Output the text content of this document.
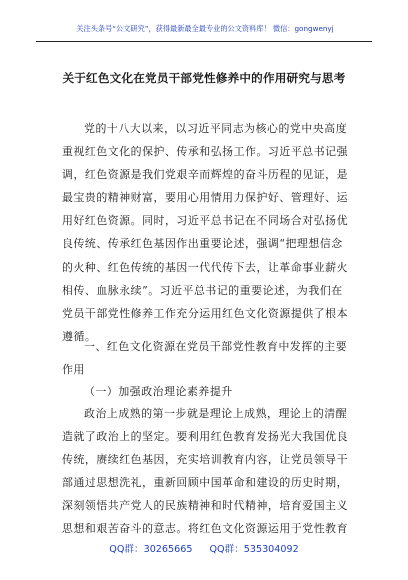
关注头条号“公文研究”，获得最新最全最专业的公文资料库！ 微信：gongwenyj
关于红色文化在党员干部党性修养中的作用研究与思考

党的十八大以来，以习近平同志为核心的党中央高度重视红色文化的保护、传承和弘扬工作。习近平总书记强调，红色资源是我们党艰辛而辉煌的奋斗历程的见证，是最宝贵的精神财富，要用心用情用力保护好、管理好、运用好红色资源。同时，习近平总书记在不同场合对弘扬优良传统、传承红色基因作出重要论述，强调“把理想信念的火种、红色传统的基因一代代传下去，让革命事业薪火相传、血脉永续”。习近平总书记的重要论述，为我们在党员干部党性修养工作充分运用红色文化资源提供了根本遵循。

一、红色文化资源在党员干部党性教育中发挥的主要作用

（一）加强政治理论素养提升

政治上成熟的第一步就是理论上成熟，理论上的清醒造就了政治上的坚定。要利用红色教育发扬光大我国优良传统，赓续红色基因，充实培训教育内容，让党员领导干部通过思想洗礼，重新回顾中国革命和建设的历史时期，深刻领悟共产党人的民族精神和时代精神，培育爱国主义思想和艰苦奋斗的意志。将红色文化资源运用于党性教育

QQ群：30265665 QQ群：535304092
